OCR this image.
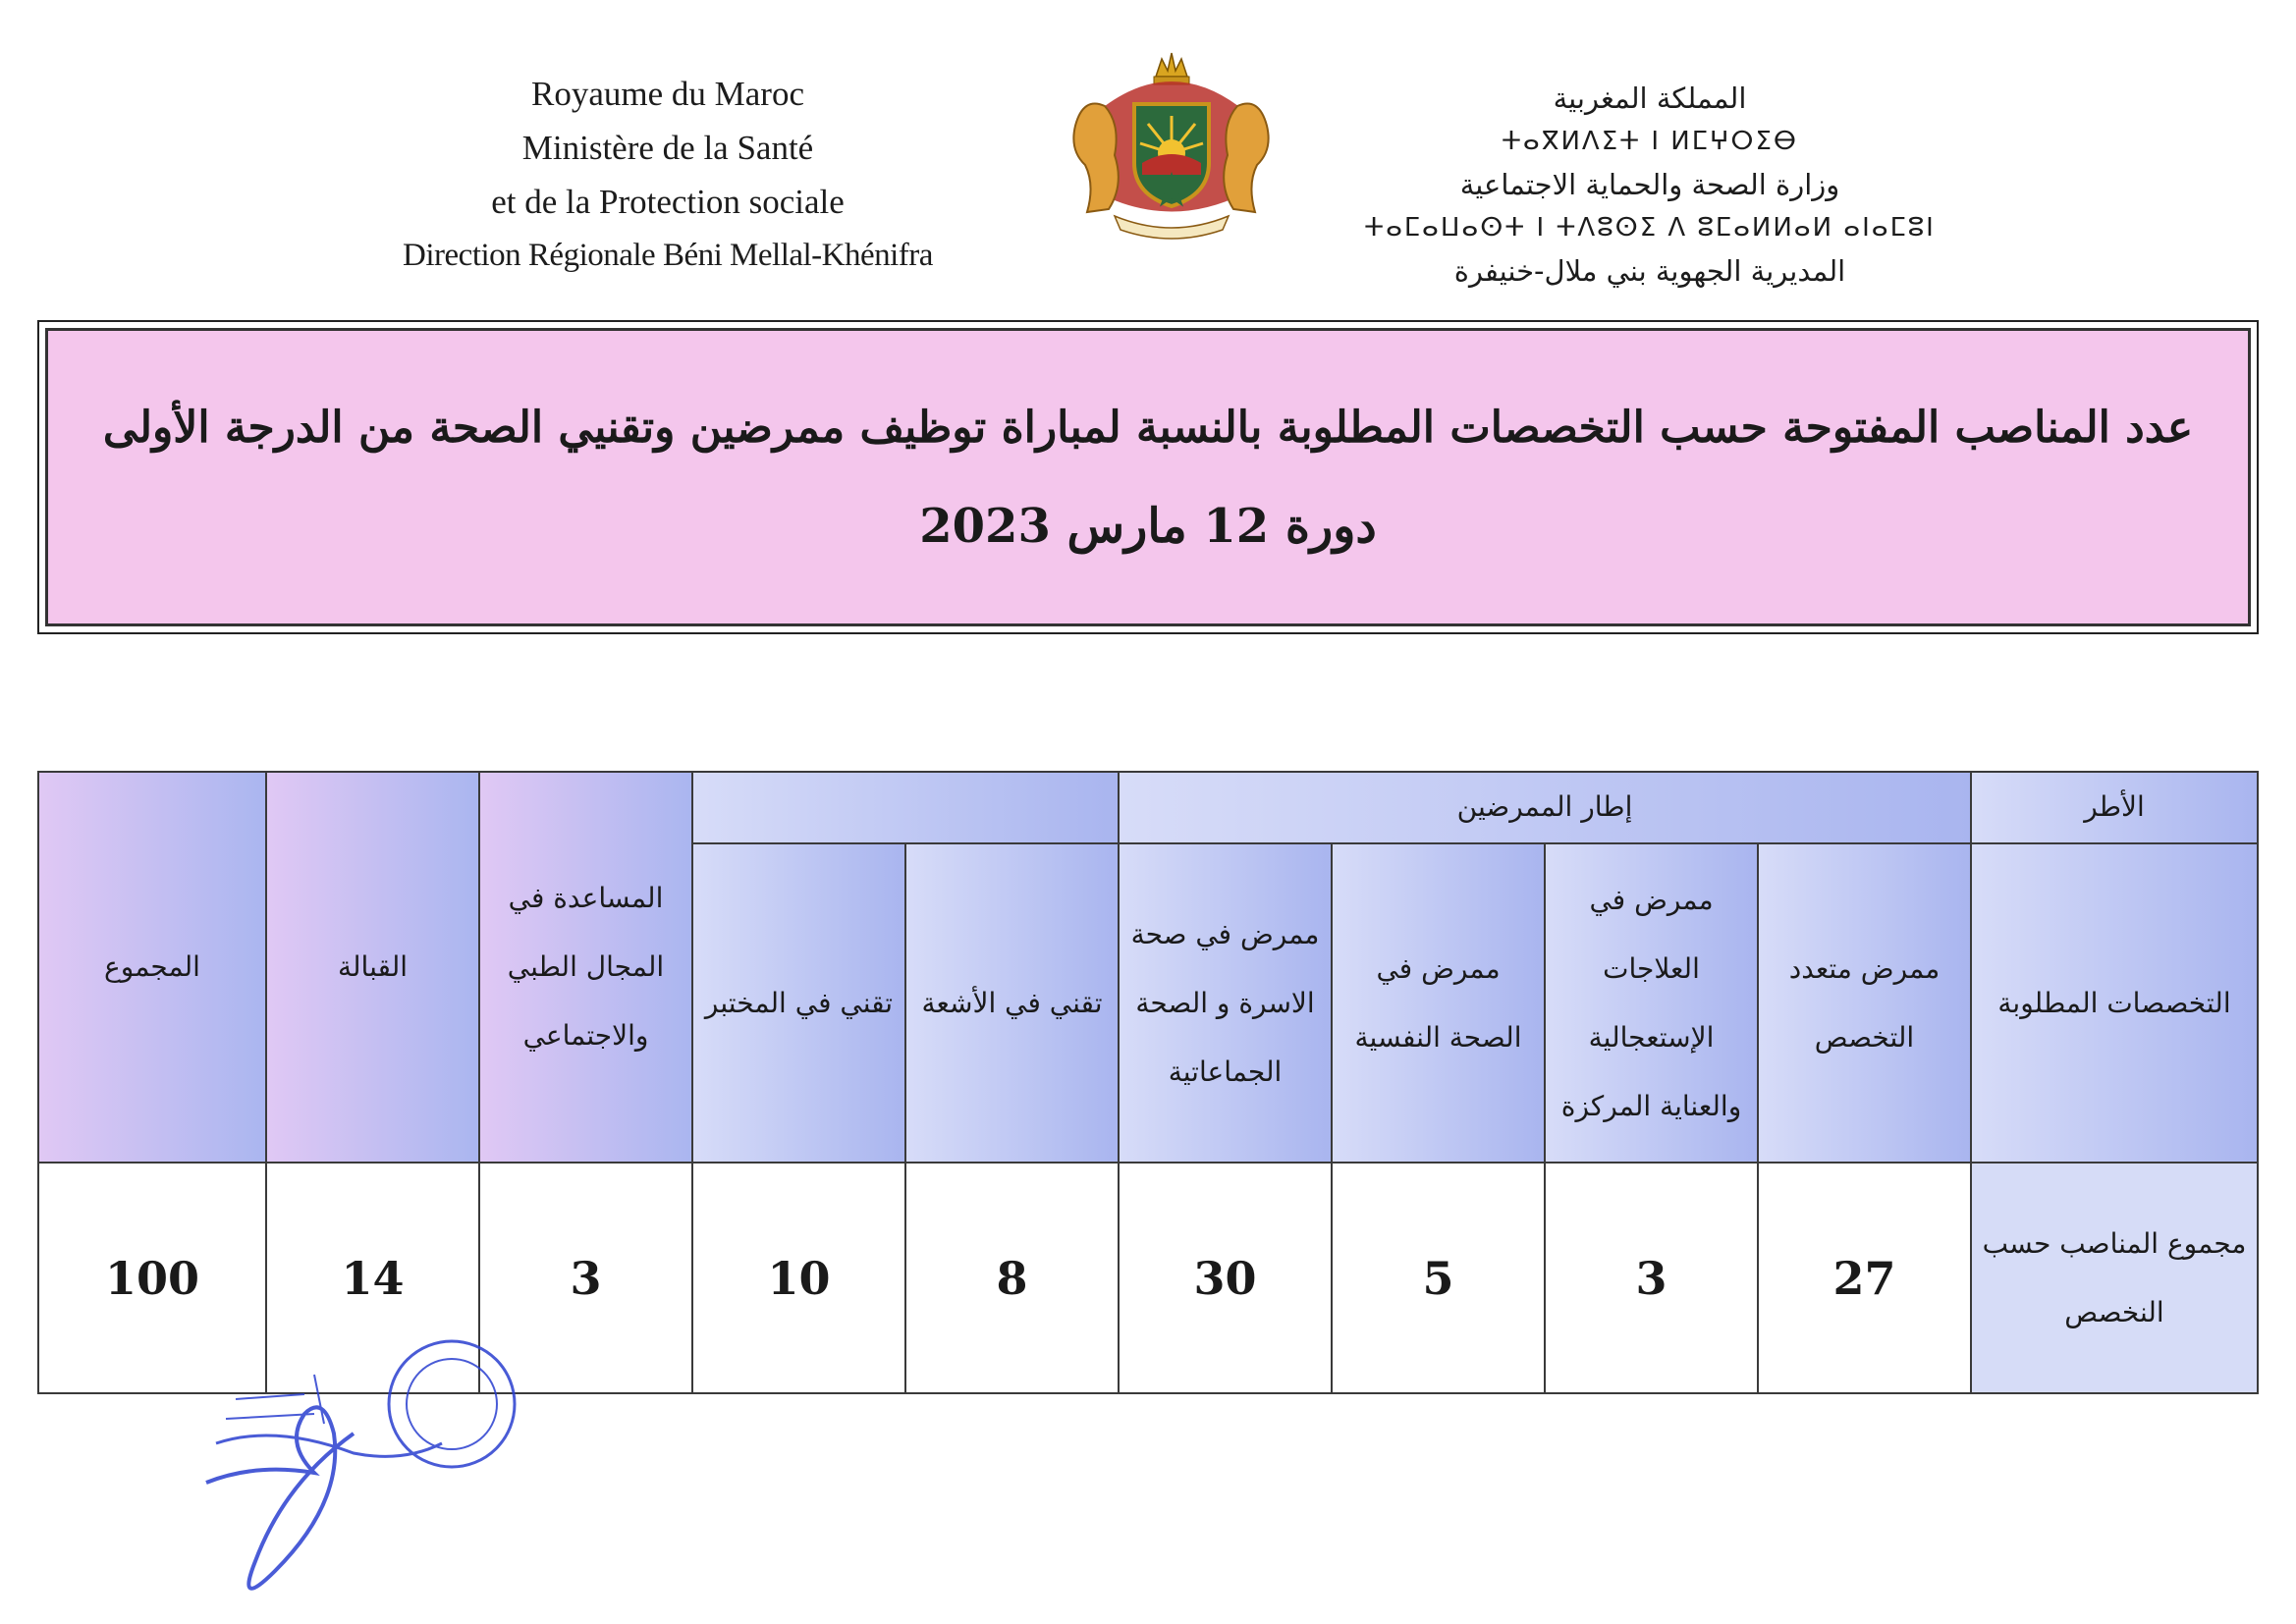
Royaume du Maroc
Ministère de la Santé
et de la Protection sociale
Direction Régionale Béni Mellal-Khénifra
المملكة المغربية
ⵜⴰⴳⵍⴷⵉⵜ ⵏ ⵍⵎⵖⵔⵉⴱ
وزارة الصحة والحماية الاجتماعية
ⵜⴰⵎⴰⵡⴰⵙⵜ ⵏ ⵜⴷⵓⵙⵉ ⴷ ⵓⵎⴰⵍⵍⴰⵍ ⴰⵏⴰⵎⵓⵏ
المديرية الجهوية بني ملال-خنيفرة
عدد المناصب المفتوحة حسب التخصصات المطلوبة بالنسبة لمباراة توظيف ممرضين وتقنيي الصحة من الدرجة الأولى
دورة 12 مارس 2023
الأطر	إطار الممرضين						المساعدة في المجال الطبي والاجتماعي	القبالة	المجموع
التخصصات المطلوبة	ممرض متعدد التخصص	ممرض في العلاجات الإستعجالية والعناية المركزة	ممرض في الصحة النفسية	ممرض في صحة الاسرة و الصحة الجماعاتية	تقني في الأشعة	تقني في المختبر			
مجموع المناصب حسب النخصص	27	3	5	30	8	10	3	14	100
